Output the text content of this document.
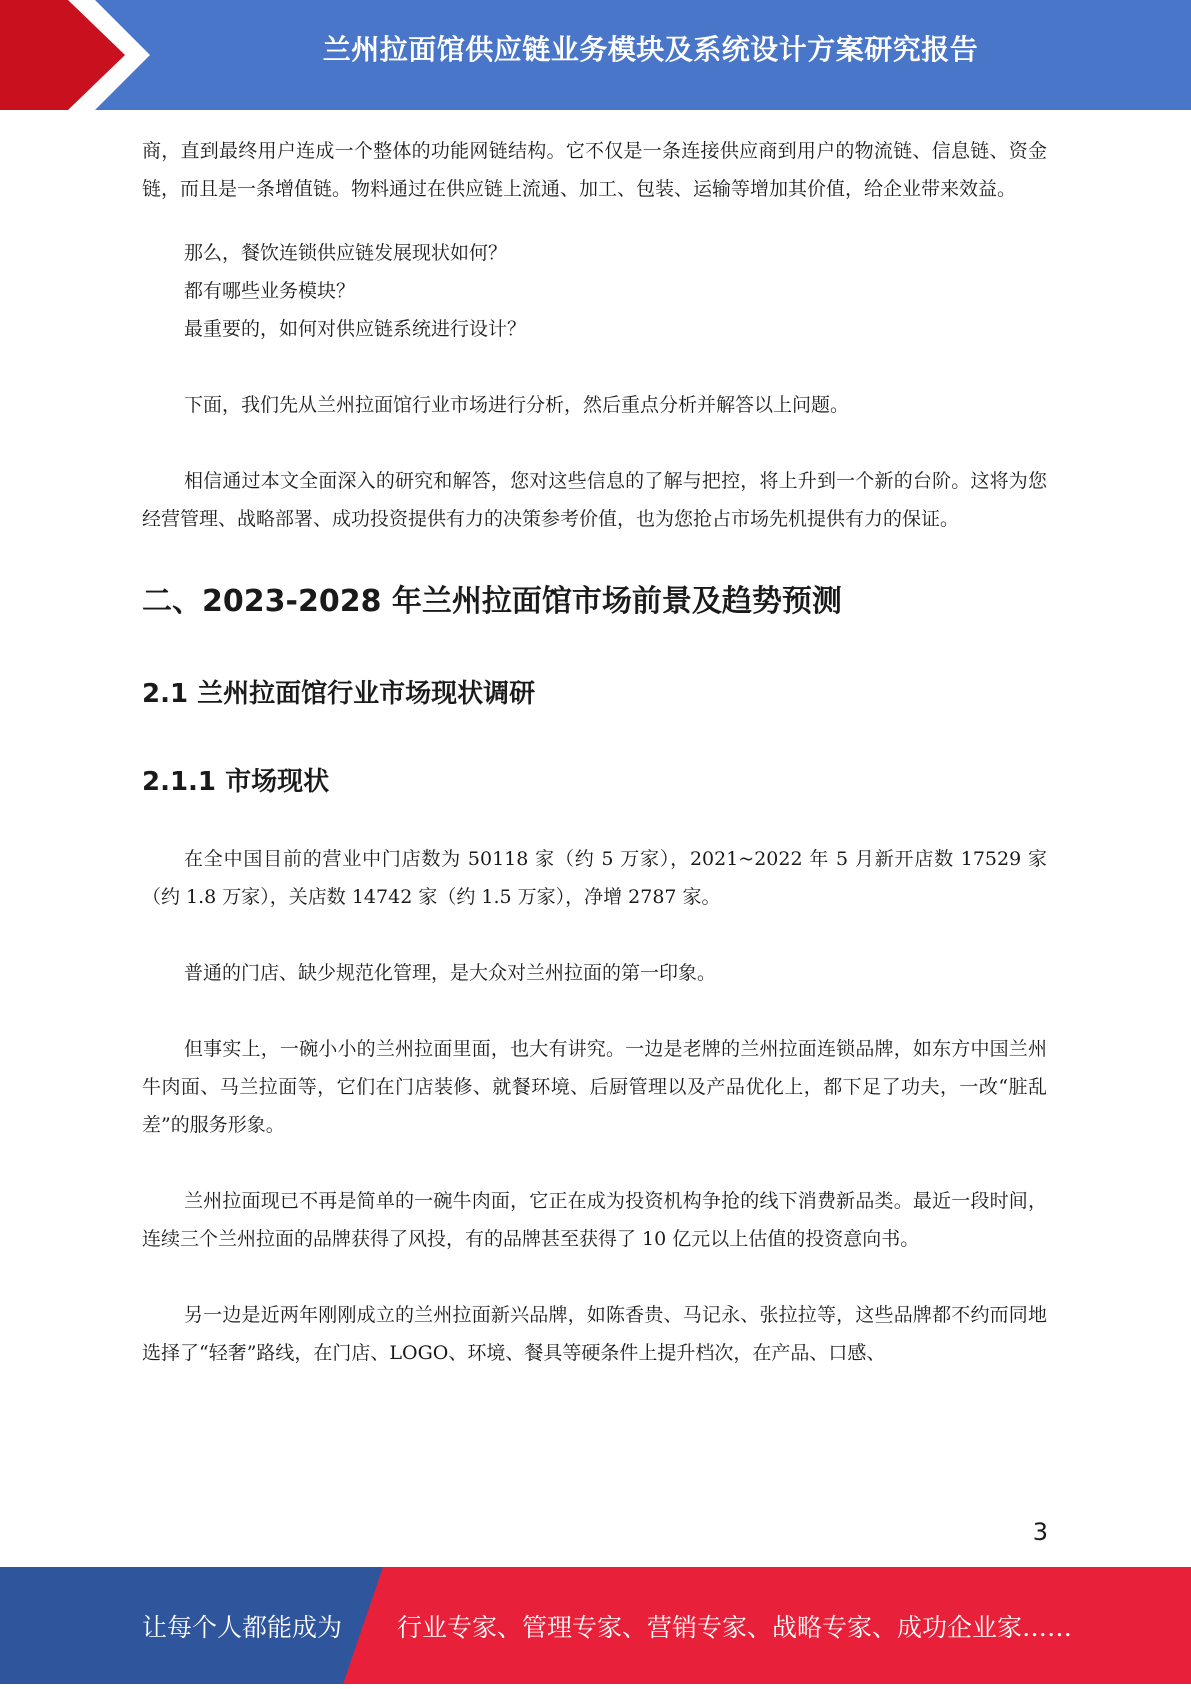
兰州拉面馆供应链业务模块及系统设计方案研究报告

商，直到最终用户连成一个整体的功能网链结构。它不仅是一条连接供应商到用户的物流链、信息链、资金链，而且是一条增值链。物料通过在供应链上流通、加工、包装、运输等增加其价值，给企业带来效益。

那么，餐饮连锁供应链发展现状如何？

都有哪些业务模块？

最重要的，如何对供应链系统进行设计？

下面，我们先从兰州拉面馆行业市场进行分析，然后重点分析并解答以上问题。

相信通过本文全面深入的研究和解答，您对这些信息的了解与把控，将上升到一个新的台阶。这将为您经营管理、战略部署、成功投资提供有力的决策参考价值，也为您抢占市场先机提供有力的保证。

二、2023-2028 年兰州拉面馆市场前景及趋势预测
2.1 兰州拉面馆行业市场现状调研
2.1.1 市场现状

在全中国目前的营业中门店数为 50118 家（约 5 万家），2021~2022 年 5 月新开店数 17529 家（约 1.8 万家），关店数 14742 家（约 1.5 万家），净增 2787 家。

普通的门店、缺少规范化管理，是大众对兰州拉面的第一印象。

但事实上，一碗小小的兰州拉面里面，也大有讲究。一边是老牌的兰州拉面连锁品牌，如东方中国兰州牛肉面、马兰拉面等，它们在门店装修、就餐环境、后厨管理以及产品优化上，都下足了功夫，一改“脏乱差”的服务形象。

兰州拉面现已不再是简单的一碗牛肉面，它正在成为投资机构争抢的线下消费新品类。最近一段时间，连续三个兰州拉面的品牌获得了风投，有的品牌甚至获得了 10 亿元以上估值的投资意向书。

另一边是近两年刚刚成立的兰州拉面新兴品牌，如陈香贵、马记永、张拉拉等，这些品牌都不约而同地选择了“轻奢”路线，在门店、LOGO、环境、餐具等硬条件上提升档次，在产品、口感、

3
让每个人都能成为 行业专家、管理专家、营销专家、战略专家、成功企业家……
